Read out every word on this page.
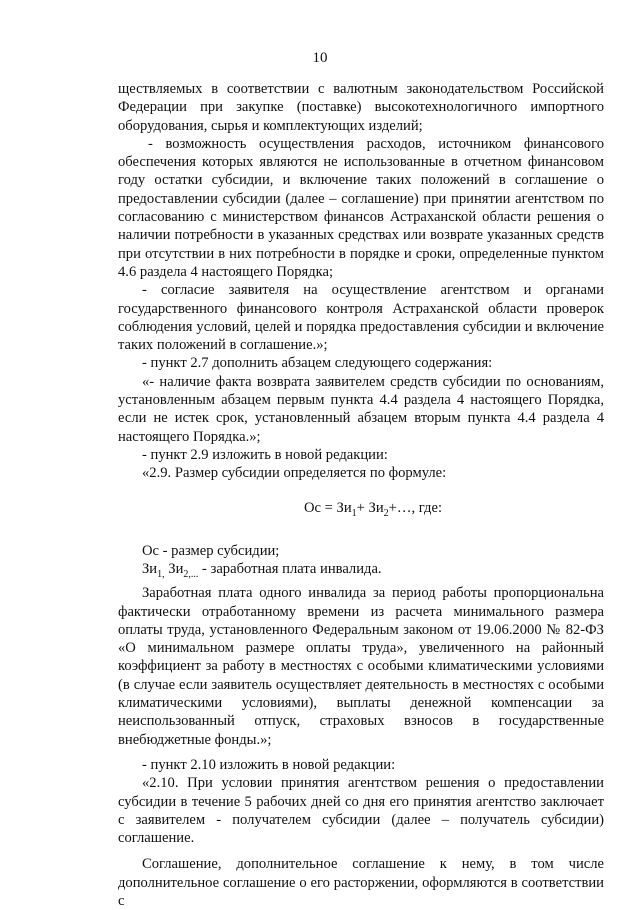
10

ществляемых в соответствии с валютным законодательством Российской Федерации при закупке (поставке) высокотехнологичного импортного оборудования, сырья и комплектующих изделий;

- возможность осуществления расходов, источником финансового обеспечения которых являются не использованные в отчетном финансовом году остатки субсидии, и включение таких положений в соглашение о предоставлении субсидии (далее – соглашение) при принятии агентством по согласованию с министерством финансов Астраханской области решения о наличии потребности в указанных средствах или возврате указанных средств при отсутствии в них потребности в порядке и сроки, определенные пунктом 4.6 раздела 4 настоящего Порядка;

- согласие заявителя на осуществление агентством и органами государственного финансового контроля Астраханской области проверок соблюдения условий, целей и порядка предоставления субсидии и включение таких положений в соглашение.»;

- пункт 2.7 дополнить абзацем следующего содержания:

«- наличие факта возврата заявителем средств субсидии по основаниям, установленным абзацем первым пункта 4.4 раздела 4 настоящего Порядка, если не истек срок, установленный абзацем вторым пункта 4.4 раздела 4 настоящего Порядка.»;

- пункт 2.9 изложить в новой редакции:

«2.9. Размер субсидии определяется по формуле:

Ос = $Зи_1+$ $Зи_2+\dots$, где:

Ос - размер субсидии;

$Зи_{1,}$ $Зи_{2,...}$ - заработная плата инвалида.

Заработная плата одного инвалида за период работы пропорциональна фактически отработанному времени из расчета минимального размера оплаты труда, установленного Федеральным законом от 19.06.2000 № 82-ФЗ «О минимальном размере оплаты труда», увеличенного на районный коэффициент за работу в местностях с особыми климатическими условиями (в случае если заявитель осуществляет деятельность в местностях с особыми климатическими условиями), выплаты денежной компенсации за неиспользованный отпуск, страховых взносов в государственные внебюджетные фонды.»;

- пункт 2.10 изложить в новой редакции:

«2.10. При условии принятия агентством решения о предоставлении субсидии в течение 5 рабочих дней со дня его принятия агентство заключает с заявителем - получателем субсидии (далее – получатель субсидии) соглашение.

Соглашение, дополнительное соглашение к нему, в том числе дополнительное соглашение о его расторжении, оформляются в соответствии с
